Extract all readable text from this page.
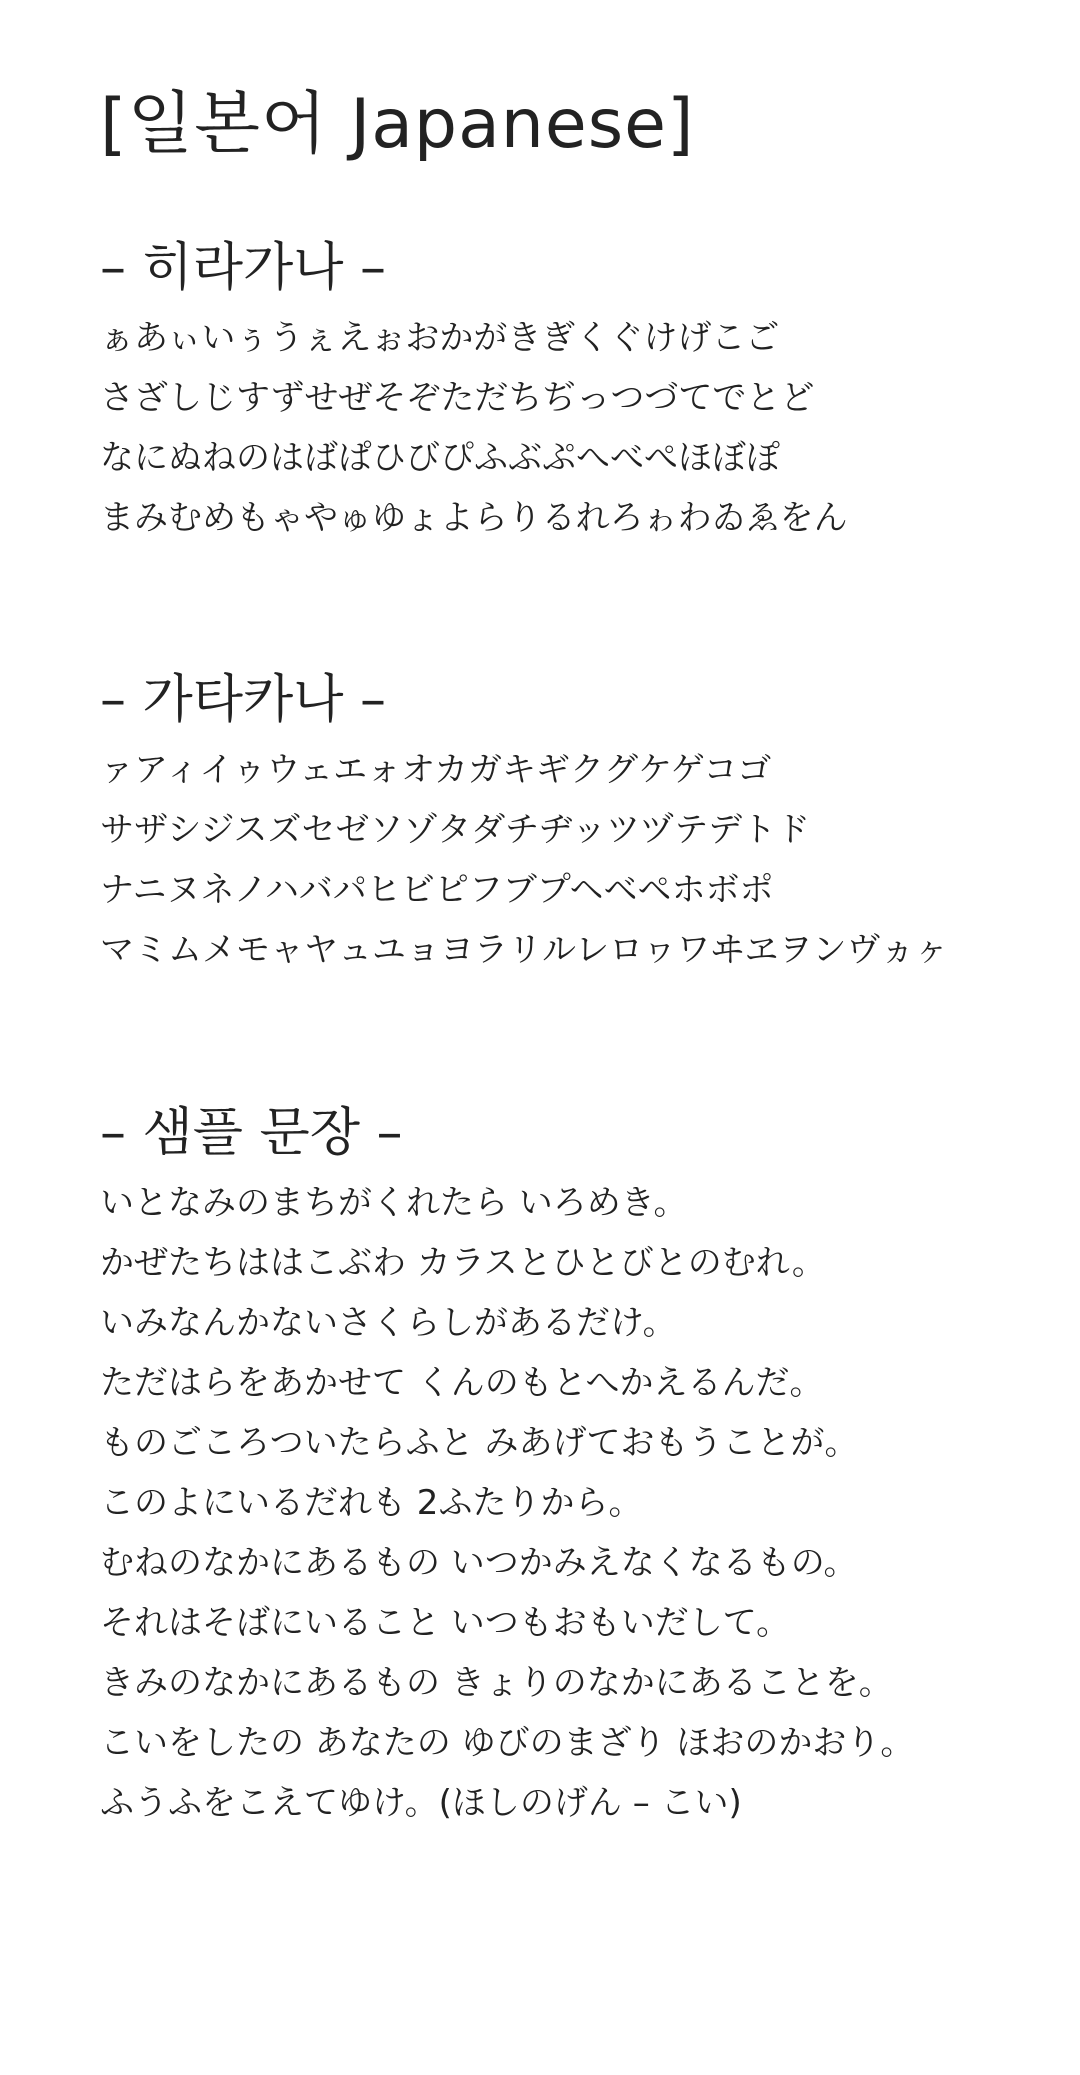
[일본어 Japanese]
– 히라가나 –

ぁあぃいぅうぇえぉおかがきぎくぐけげこご

さざしじすずせぜそぞただちぢっつづてでとど

なにぬねのはばぱひびぴふぶぷへべぺほぼぽ

まみむめもゃやゅゆょよらりるれろゎわゐゑをん

– 가타카나 –

ァアィイゥウェエォオカガキギクグケゲコゴ

サザシジスズセゼソゾタダチヂッツヅテデトド

ナニヌネノハバパヒビピフブプヘベペホボポ

マミムメモャヤュユョヨラリルレロヮワヰヱヲンヴヵヶ

– 샘플 문장 –

いとなみのまちがくれたら いろめき。

かぜたちははこぶわ カラスとひとびとのむれ。

いみなんかないさくらしがあるだけ。

ただはらをあかせて くんのもとへかえるんだ。

ものごころついたらふと みあげておもうことが。

このよにいるだれも 2ふたりから。

むねのなかにあるもの いつかみえなくなるもの。

それはそばにいること いつもおもいだして。

きみのなかにあるもの きょりのなかにあることを。

こいをしたの あなたの ゆびのまざり ほおのかおり。

ふうふをこえてゆけ。(ほしのげん – こい)
